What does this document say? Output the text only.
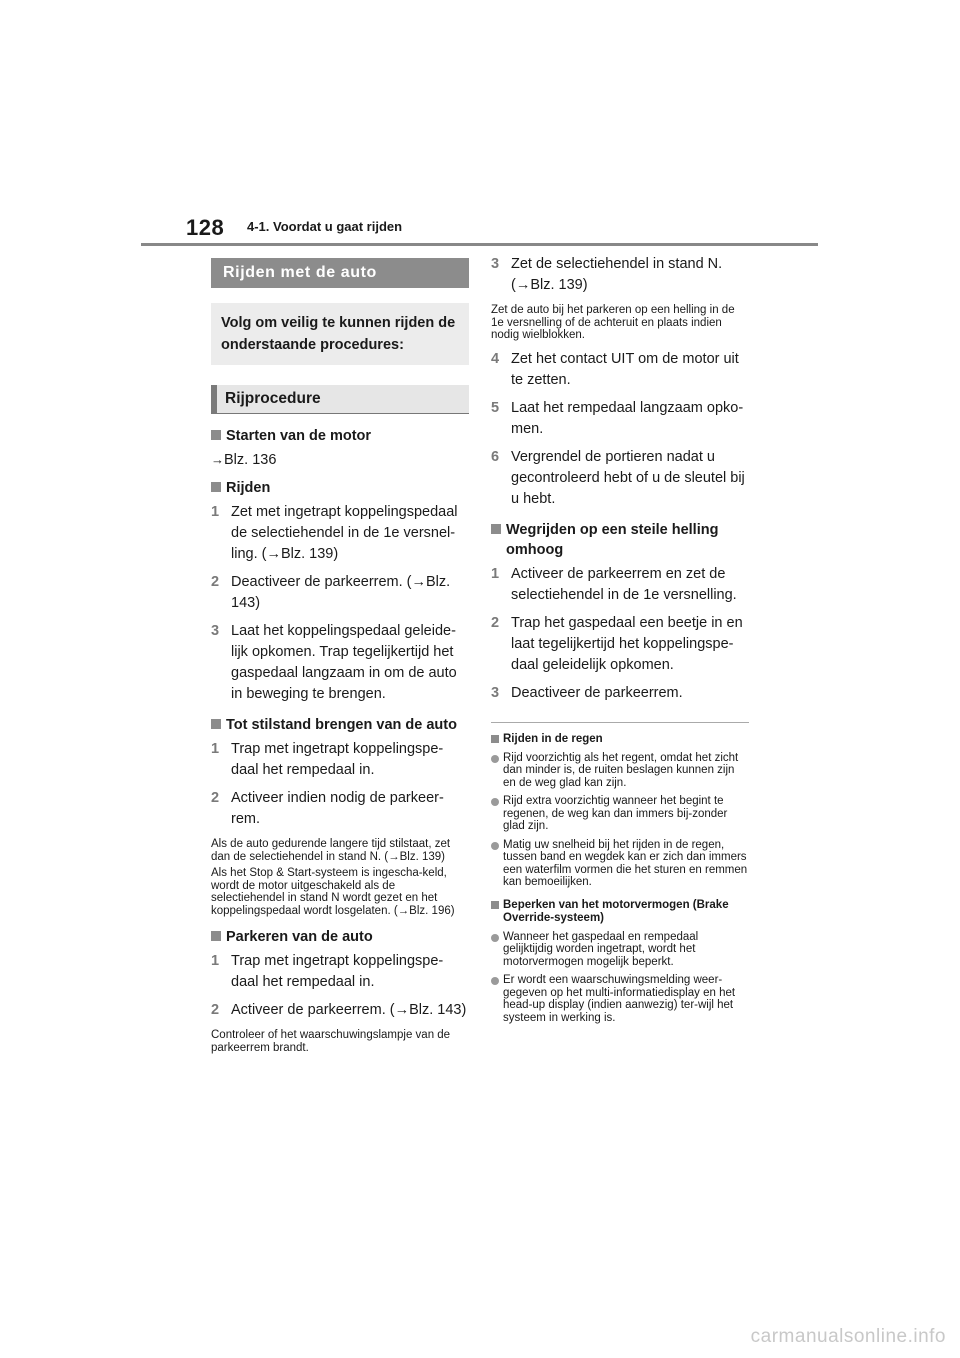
128 4-1. Voordat u gaat rijden
Rijden met de auto
Volg om veilig te kunnen rijden de onderstaande procedures:
Rijprocedure
Starten van de motor
→Blz. 136
Rijden
1 Zet met ingetrapt koppelingspedaal de selectiehendel in de 1e versnel-ling. (→Blz. 139)
2 Deactiveer de parkeerrem. (→Blz. 143)
3 Laat het koppelingspedaal geleide-lijk opkomen. Trap tegelijkertijd het gaspedaal langzaam in om de auto in beweging te brengen.
Tot stilstand brengen van de auto
1 Trap met ingetrapt koppelingspe-daal het rempedaal in.
2 Activeer indien nodig de parkeer-rem.
Als de auto gedurende langere tijd stilstaat, zet dan de selectiehendel in stand N. (→Blz. 139)
Als het Stop & Start-systeem is ingescha-keld, wordt de motor uitgeschakeld als de selectiehendel in stand N wordt gezet en het koppelingspedaal wordt losgelaten. (→Blz. 196)
Parkeren van de auto
1 Trap met ingetrapt koppelingspe-daal het rempedaal in.
2 Activeer de parkeerrem. (→Blz. 143)
Controleer of het waarschuwingslampje van de parkeerrem brandt.
3 Zet de selectiehendel in stand N. (→Blz. 139)
Zet de auto bij het parkeren op een helling in de 1e versnelling of de achteruit en plaats indien nodig wielblokken.
4 Zet het contact UIT om de motor uit te zetten.
5 Laat het rempedaal langzaam opko-men.
6 Vergrendel de portieren nadat u gecontroleerd hebt of u de sleutel bij u hebt.
Wegrijden op een steile helling omhoog
1 Activeer de parkeerrem en zet de selectiehendel in de 1e versnelling.
2 Trap het gaspedaal een beetje in en laat tegelijkertijd het koppelingspe-daal geleidelijk opkomen.
3 Deactiveer de parkeerrem.
Rijden in de regen
Rijd voorzichtig als het regent, omdat het zicht dan minder is, de ruiten beslagen kunnen zijn en de weg glad kan zijn.
Rijd extra voorzichtig wanneer het begint te regenen, de weg kan dan immers bij-zonder glad zijn.
Matig uw snelheid bij het rijden in de regen, tussen band en wegdek kan er zich dan immers een waterfilm vormen die het sturen en remmen kan bemoeilijken.
Beperken van het motorvermogen (Brake Override-systeem)
Wanneer het gaspedaal en rempedaal gelijktijdig worden ingetrapt, wordt het motorvermogen mogelijk beperkt.
Er wordt een waarschuwingsmelding weer-gegeven op het multi-informatiedisplay en het head-up display (indien aanwezig) ter-wijl het systeem in werking is.
carmanualsonline.info
